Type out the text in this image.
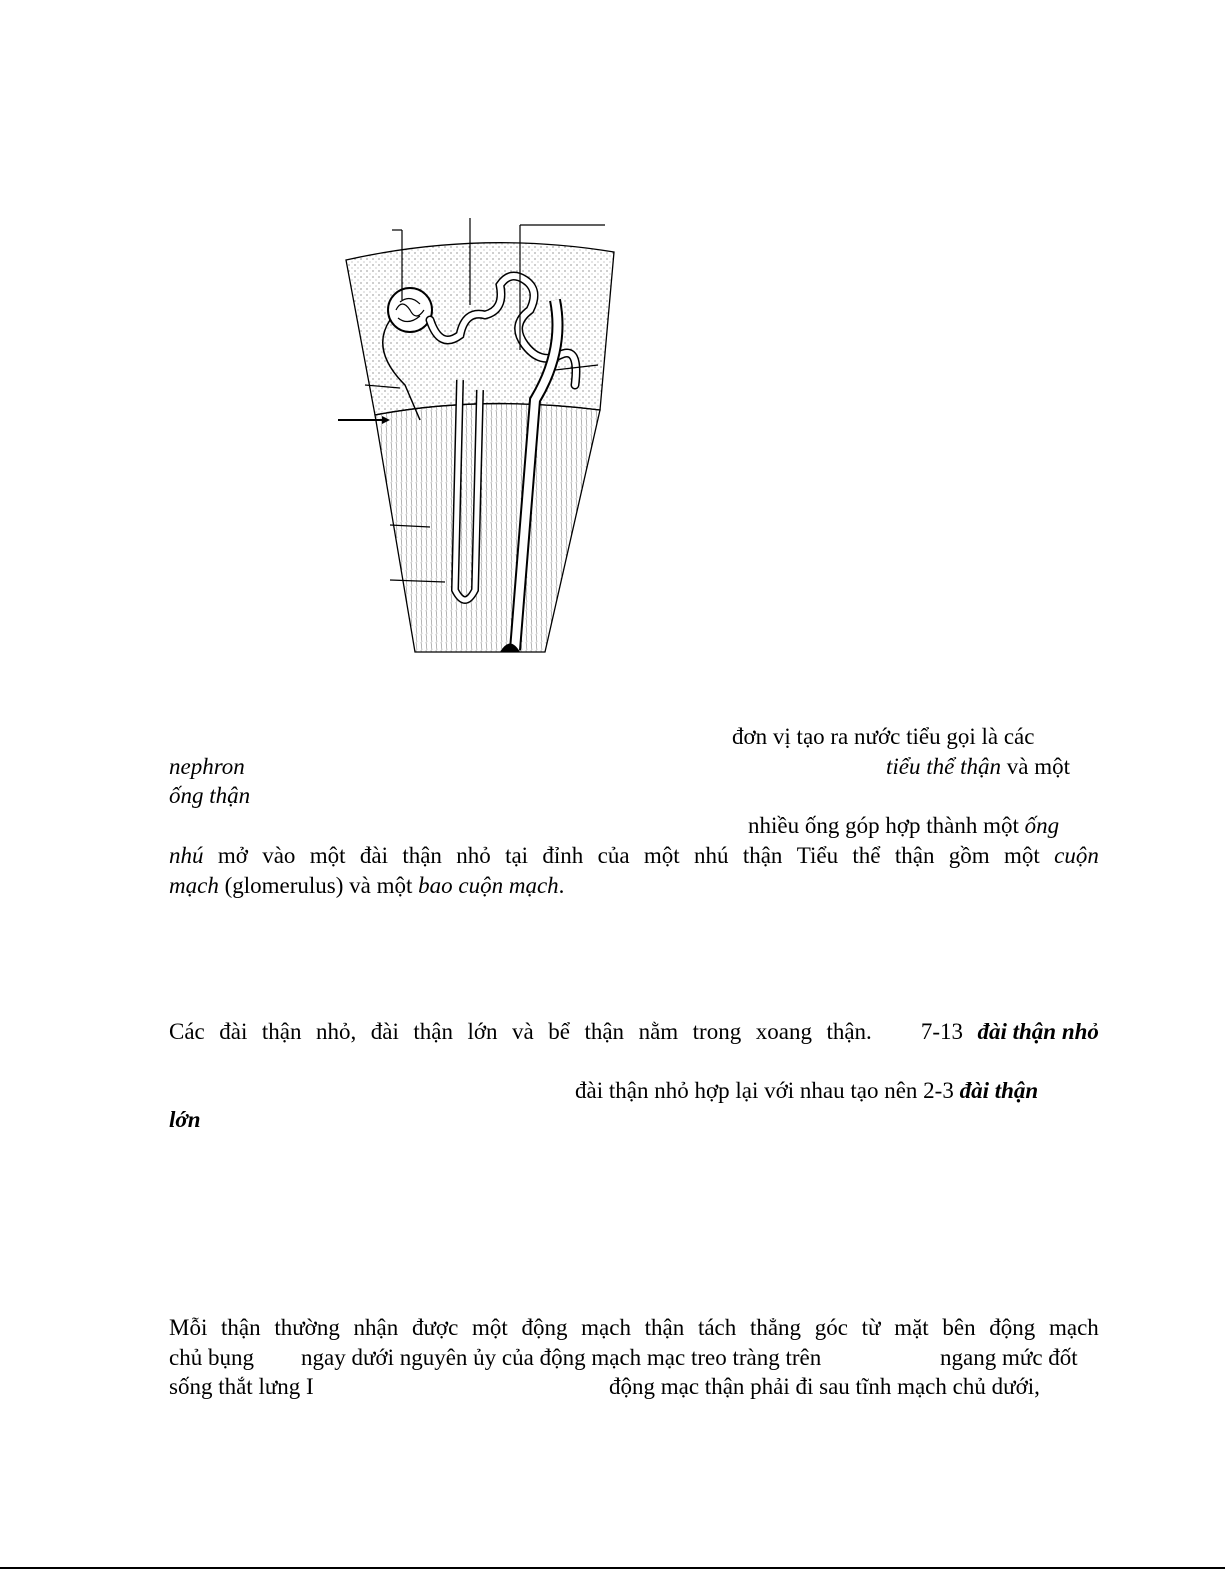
đơn vị tạo ra nước tiểu gọi là các
nephron	tiểu thể thận và một
ống thận
nhiều ống góp hợp thành một ống
nhú mở vào một đài thận nhỏ tại đỉnh của một nhú thận Tiểu thể thận gồm một cuộn
mạch (glomerulus) và một bao cuộn mạch.
Các đài thận nhỏ, đài thận lớn và bể thận nằm trong xoang thận. 7-13 đài thận nhỏ
đài thận nhỏ hợp lại với nhau tạo nên 2-3 đài thận
lớn
Mỗi thận thường nhận được một động mạch thận tách thẳng góc từ mặt bên động mạch
chủ bụng ngay dưới nguyên ủy của động mạch mạc treo tràng trên	ngang mức đốt
sống thắt lưng I	động mạc thận phải đi sau tĩnh mạch chủ dưới,
